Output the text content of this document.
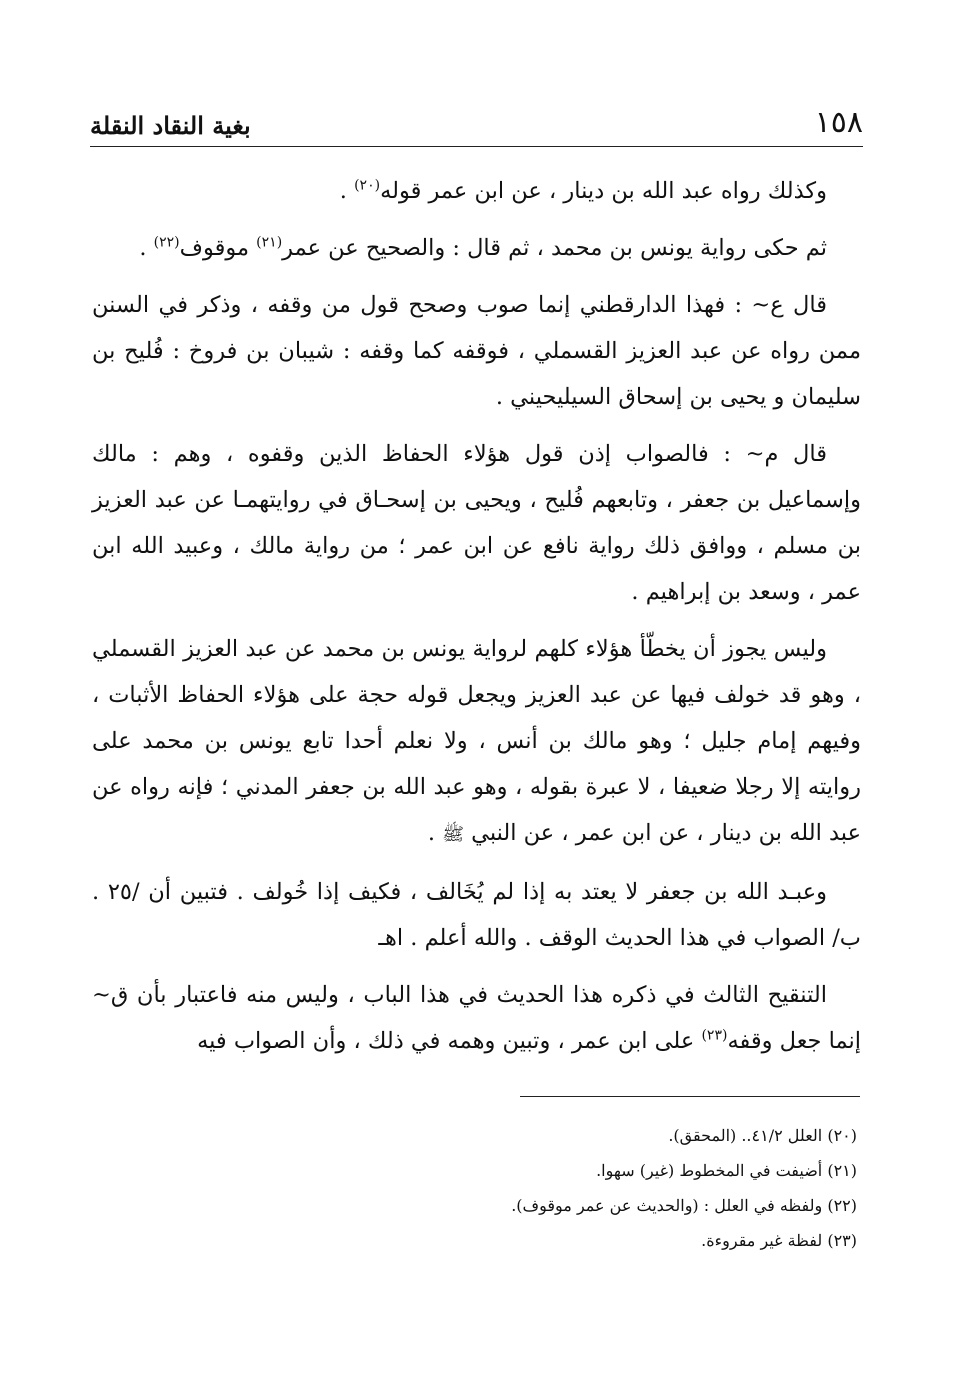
١٥٨
بغية النقاد النقلة

وكذلك رواه عبد الله بن دينار ، عن ابن عمر قوله$^{(٢٠)}$ .

ثم حكى رواية يونس بن محمد ، ثم قال : والصحيح عن عمر$^{(٢١)}$ موقوف$^{(٢٢)}$ .

قال ع~ : فهذا الدارقطني إنما صوب وصحح قول من وقفه ، وذكر في السنن ممن رواه عن عبد العزيز القسملي ، فوقفه كما وقفه : شيبان بن فروخ : فُليح بن سليمان و يحيى بن إسحاق السيليحيني .

قال م~ : فالصواب إذن قول هؤلاء الحفاظ الذين وقفوه ، وهم : مالك وإسماعيل بن جعفر ، وتابعهم فُليح ، ويحيى بن إسحـاق في روايتهمـا عن عبد العزيز بن مسلم ، ووافق ذلك رواية نافع عن ابن عمر ؛ من رواية مالك ، وعبيد الله ابن عمر ، وسعد بن إبراهيم .

وليس يجوز أن يخطّأ هؤلاء كلهم لرواية يونس بن محمد عن عبد العزيز القسملي ، وهو قد خولف فيها عن عبد العزيز ويجعل قوله حجة على هؤلاء الحفاظ الأثبات ، وفيهم إمام جليل ؛ وهو مالك بن أنس ، ولا نعلم أحدا تابع يونس بن محمد على روايته إلا رجلا ضعيفا ، لا عبرة بقوله ، وهو عبد الله بن جعفر المدني ؛ فإنه رواه عن عبد الله بن دينار ، عن ابن عمر ، عن النبي ﷺ .

وعبـد الله بن جعفر لا يعتد به إذا لم يُخَالف ، فكيف إذا خُولف . فتبين أن /٢٥ . ب/ الصواب في هذا الحديث الوقف . والله أعلم . اهـ

التنقيح الثالث في ذكره هذا الحديث في هذا الباب ، وليس منه فاعتبار بأن ق~ إنما جعل وقفه$^{(٢٣)}$ على ابن عمر ، وتبين وهمه في ذلك ، وأن الصواب فيه

(٢٠) العلل ٤١/٢.. (المحقق).
(٢١) أضيفت في المخطوط (غير) سهوا.
(٢٢) ولفظه في العلل : (والحديث عن عمر موقوف).
(٢٣) لفظة غير مقروءة.
